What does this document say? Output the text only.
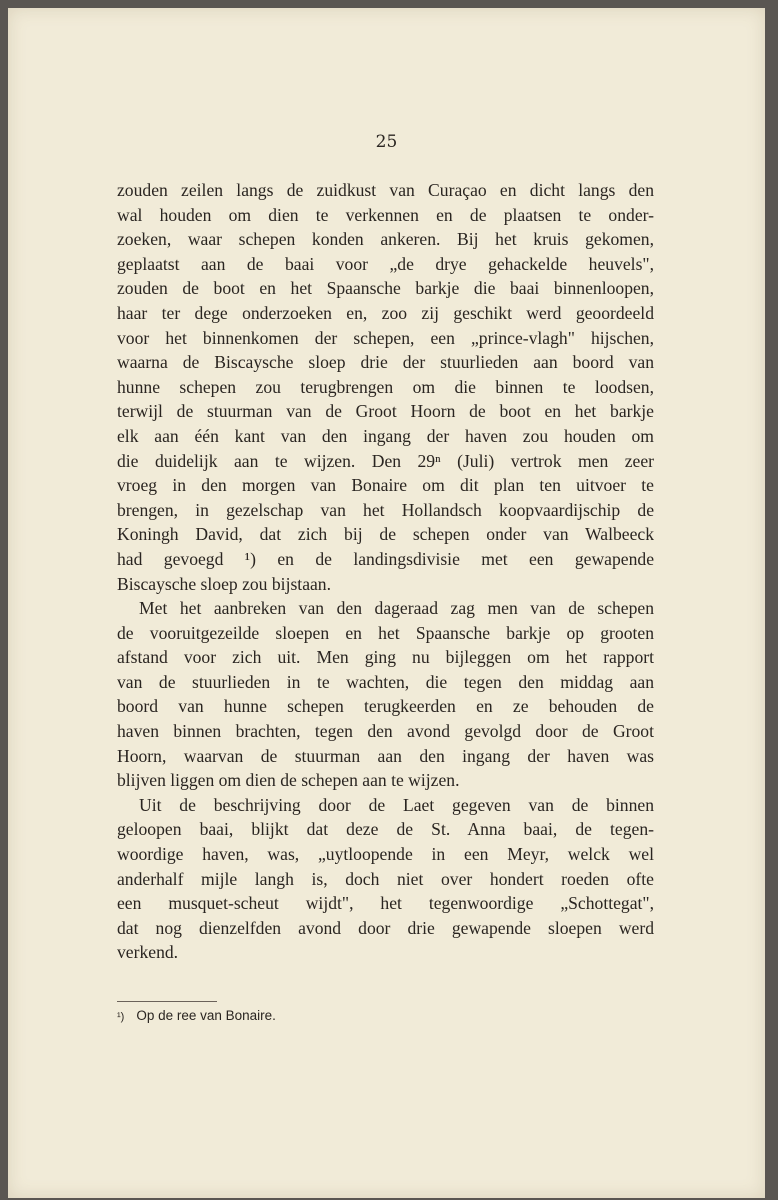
25
zouden zeilen langs de zuidkust van Curaçao en dicht langs den
wal houden om dien te verkennen en de plaatsen te onder-
zoeken, waar schepen konden ankeren. Bij het kruis gekomen,
geplaatst aan de baai voor „de drye gehackelde heuvels",
zouden de boot en het Spaansche barkje die baai binnenloopen,
haar ter dege onderzoeken en, zoo zij geschikt werd geoordeeld
voor het binnenkomen der schepen, een „prince-vlagh" hijschen,
waarna de Biscaysche sloep drie der stuurlieden aan boord van
hunne schepen zou terugbrengen om die binnen te loodsen,
terwijl de stuurman van de Groot Hoorn de boot en het barkje
elk aan één kant van den ingang der haven zou houden om
die duidelijk aan te wijzen. Den 29ⁿ (Juli) vertrok men zeer
vroeg in den morgen van Bonaire om dit plan ten uitvoer te
brengen, in gezelschap van het Hollandsch koopvaardijschip de
Koningh David, dat zich bij de schepen onder van Walbeeck
had gevoegd ¹) en de landingsdivisie met een gewapende
Biscaysche sloep zou bijstaan.
Met het aanbreken van den dageraad zag men van de schepen
de vooruitgezeilde sloepen en het Spaansche barkje op grooten
afstand voor zich uit. Men ging nu bijleggen om het rapport
van de stuurlieden in te wachten, die tegen den middag aan
boord van hunne schepen terugkeerden en ze behouden de
haven binnen brachten, tegen den avond gevolgd door de Groot
Hoorn, waarvan de stuurman aan den ingang der haven was
blijven liggen om dien de schepen aan te wijzen.
Uit de beschrijving door de Laet gegeven van de binnen
geloopen baai, blijkt dat deze de St. Anna baai, de tegen-
woordige haven, was, „uytloopende in een Meyr, welck wel
anderhalf mijle langh is, doch niet over hondert roeden ofte
een musquet-scheut wijdt", het tegenwoordige „Schottegat",
dat nog dienzelfden avond door drie gewapende sloepen werd
verkend.
¹) Op de ree van Bonaire.
